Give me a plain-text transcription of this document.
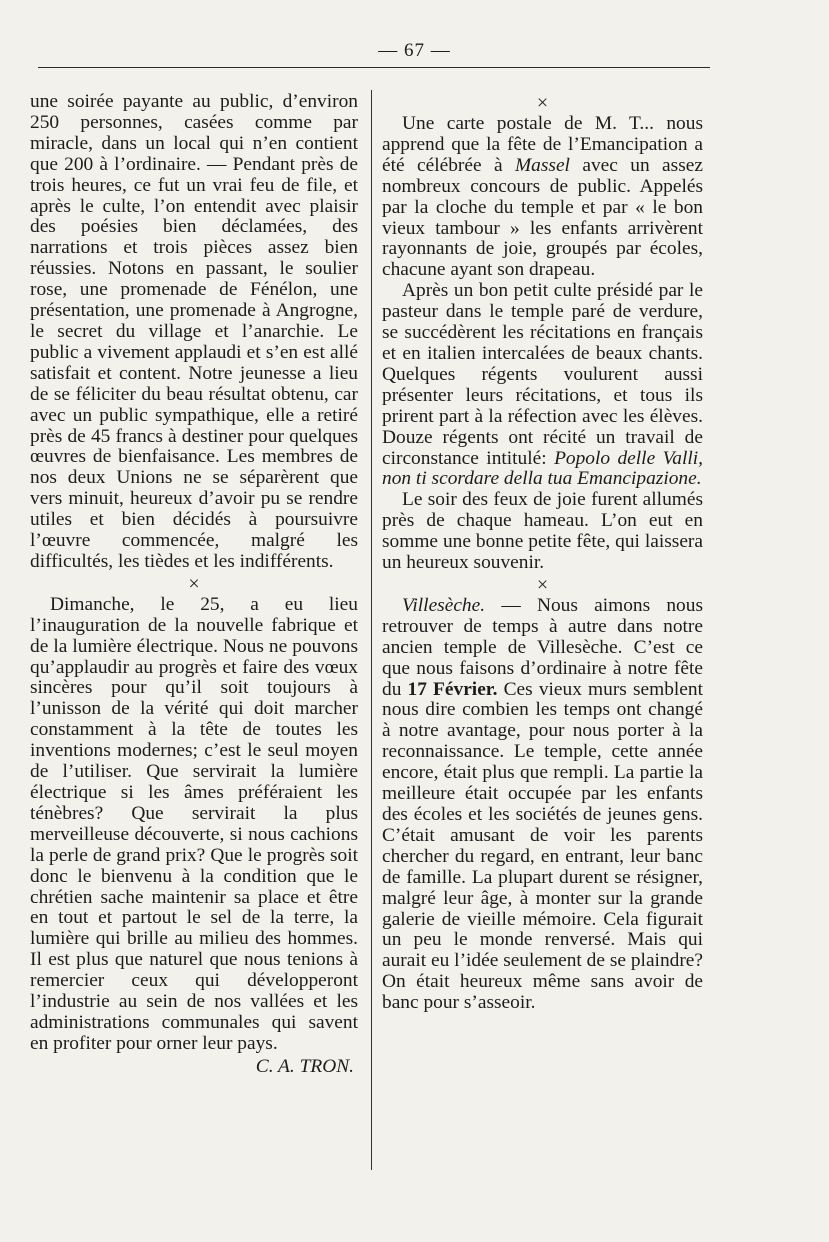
— 67 —

une soirée payante au public, d’environ 250 personnes, casées comme par miracle, dans un local qui n’en contient que 200 à l’ordinaire. — Pendant près de trois heures, ce fut un vrai feu de file, et après le culte, l’on entendit avec plaisir des poésies bien déclamées, des narrations et trois pièces assez bien réussies. Notons en passant, le soulier rose, une promenade de Fénélon, une présentation, une promenade à Angrogne, le secret du village et l’anarchie. Le public a vivement applaudi et s’en est allé satisfait et content. Notre jeunesse a lieu de se féliciter du beau résultat obtenu, car avec un public sympathique, elle a retiré près de 45 francs à destiner pour quelques œuvres de bienfaisance. Les membres de nos deux Unions ne se séparèrent que vers minuit, heureux d’avoir pu se rendre utiles et bien décidés à poursuivre l’œuvre commencée, malgré les difficultés, les tièdes et les indifférents.

×

Dimanche, le 25, a eu lieu l’inauguration de la nouvelle fabrique et de la lumière électrique. Nous ne pouvons qu’applaudir au progrès et faire des vœux sincères pour qu’il soit toujours à l’unisson de la vérité qui doit marcher constamment à la tête de toutes les inventions modernes; c’est le seul moyen de l’utiliser. Que servirait la lumière électrique si les âmes préféraient les ténèbres? Que servirait la plus merveilleuse découverte, si nous cachions la perle de grand prix? Que le progrès soit donc le bienvenu à la condition que le chrétien sache maintenir sa place et être en tout et partout le sel de la terre, la lumière qui brille au milieu des hommes. Il est plus que naturel que nous tenions à remercier ceux qui développeront l’industrie au sein de nos vallées et les administrations communales qui savent en profiter pour orner leur pays.

C. A. TRON.
×

Une carte postale de M. T... nous apprend que la fête de l’Emancipation a été célébrée à Massel avec un assez nombreux concours de public. Appelés par la cloche du temple et par « le bon vieux tambour » les enfants arrivèrent rayonnants de joie, groupés par écoles, chacune ayant son drapeau.

Après un bon petit culte présidé par le pasteur dans le temple paré de verdure, se succédèrent les récitations en français et en italien intercalées de beaux chants. Quelques régents voulurent aussi présenter leurs récitations, et tous ils prirent part à la réfection avec les élèves. Douze régents ont récité un travail de circonstance intitulé: Popolo delle Valli, non ti scordare della tua Emancipazione.

Le soir des feux de joie furent allumés près de chaque hameau. L’on eut en somme une bonne petite fête, qui laissera un heureux souvenir.

×

Villesèche. — Nous aimons nous retrouver de temps à autre dans notre ancien temple de Villesèche. C’est ce que nous faisons d’ordinaire à notre fête du 17 Février. Ces vieux murs semblent nous dire combien les temps ont changé à notre avantage, pour nous porter à la reconnaissance. Le temple, cette année encore, était plus que rempli. La partie la meilleure était occupée par les enfants des écoles et les sociétés de jeunes gens. C’était amusant de voir les parents chercher du regard, en entrant, leur banc de famille. La plupart durent se résigner, malgré leur âge, à monter sur la grande galerie de vieille mémoire. Cela figurait un peu le monde renversé. Mais qui aurait eu l’idée seulement de se plaindre? On était heureux même sans avoir de banc pour s’asseoir.
